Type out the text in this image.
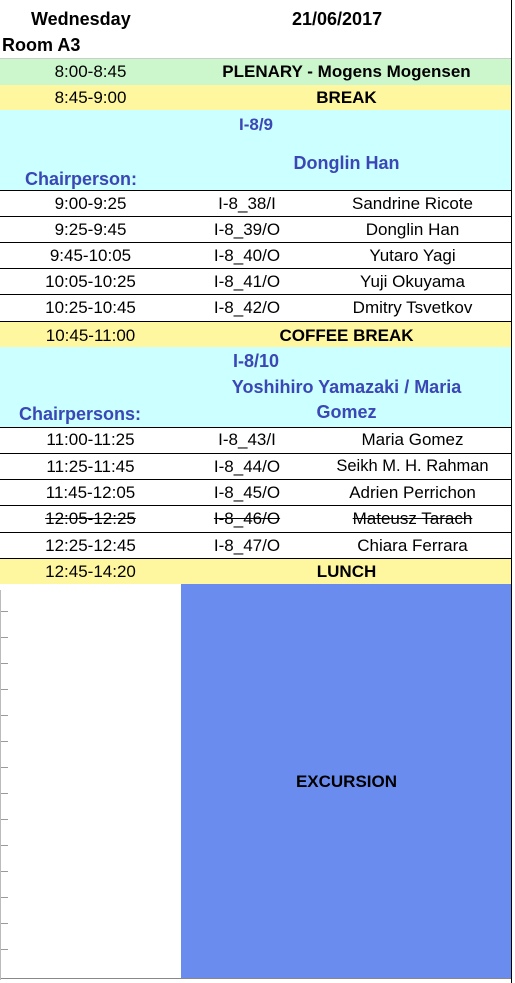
Wednesday	21/06/2017
Room A3
8:00-8:45	PLENARY - Mogens Mogensen
8:45-9:00	BREAK
I-8/9
Donglin Han
Chairperson:
9:00-9:25	I-8_38/I	Sandrine Ricote
9:25-9:45	I-8_39/O	Donglin Han
9:45-10:05	I-8_40/O	Yutaro Yagi
10:05-10:25	I-8_41/O	Yuji Okuyama
10:25-10:45	I-8_42/O	Dmitry Tsvetkov
10:45-11:00	COFFEE BREAK
I-8/10
Yoshihiro Yamazaki / Maria
Gomez
Chairpersons:
11:00-11:25	I-8_43/I	Maria Gomez
11:25-11:45	I-8_44/O	Seikh M. H. Rahman
11:45-12:05	I-8_45/O	Adrien Perrichon
12:05-12:25	I-8_46/O	Mateusz Tarach
12:25-12:45	I-8_47/O	Chiara Ferrara
12:45-14:20	LUNCH
EXCURSION
